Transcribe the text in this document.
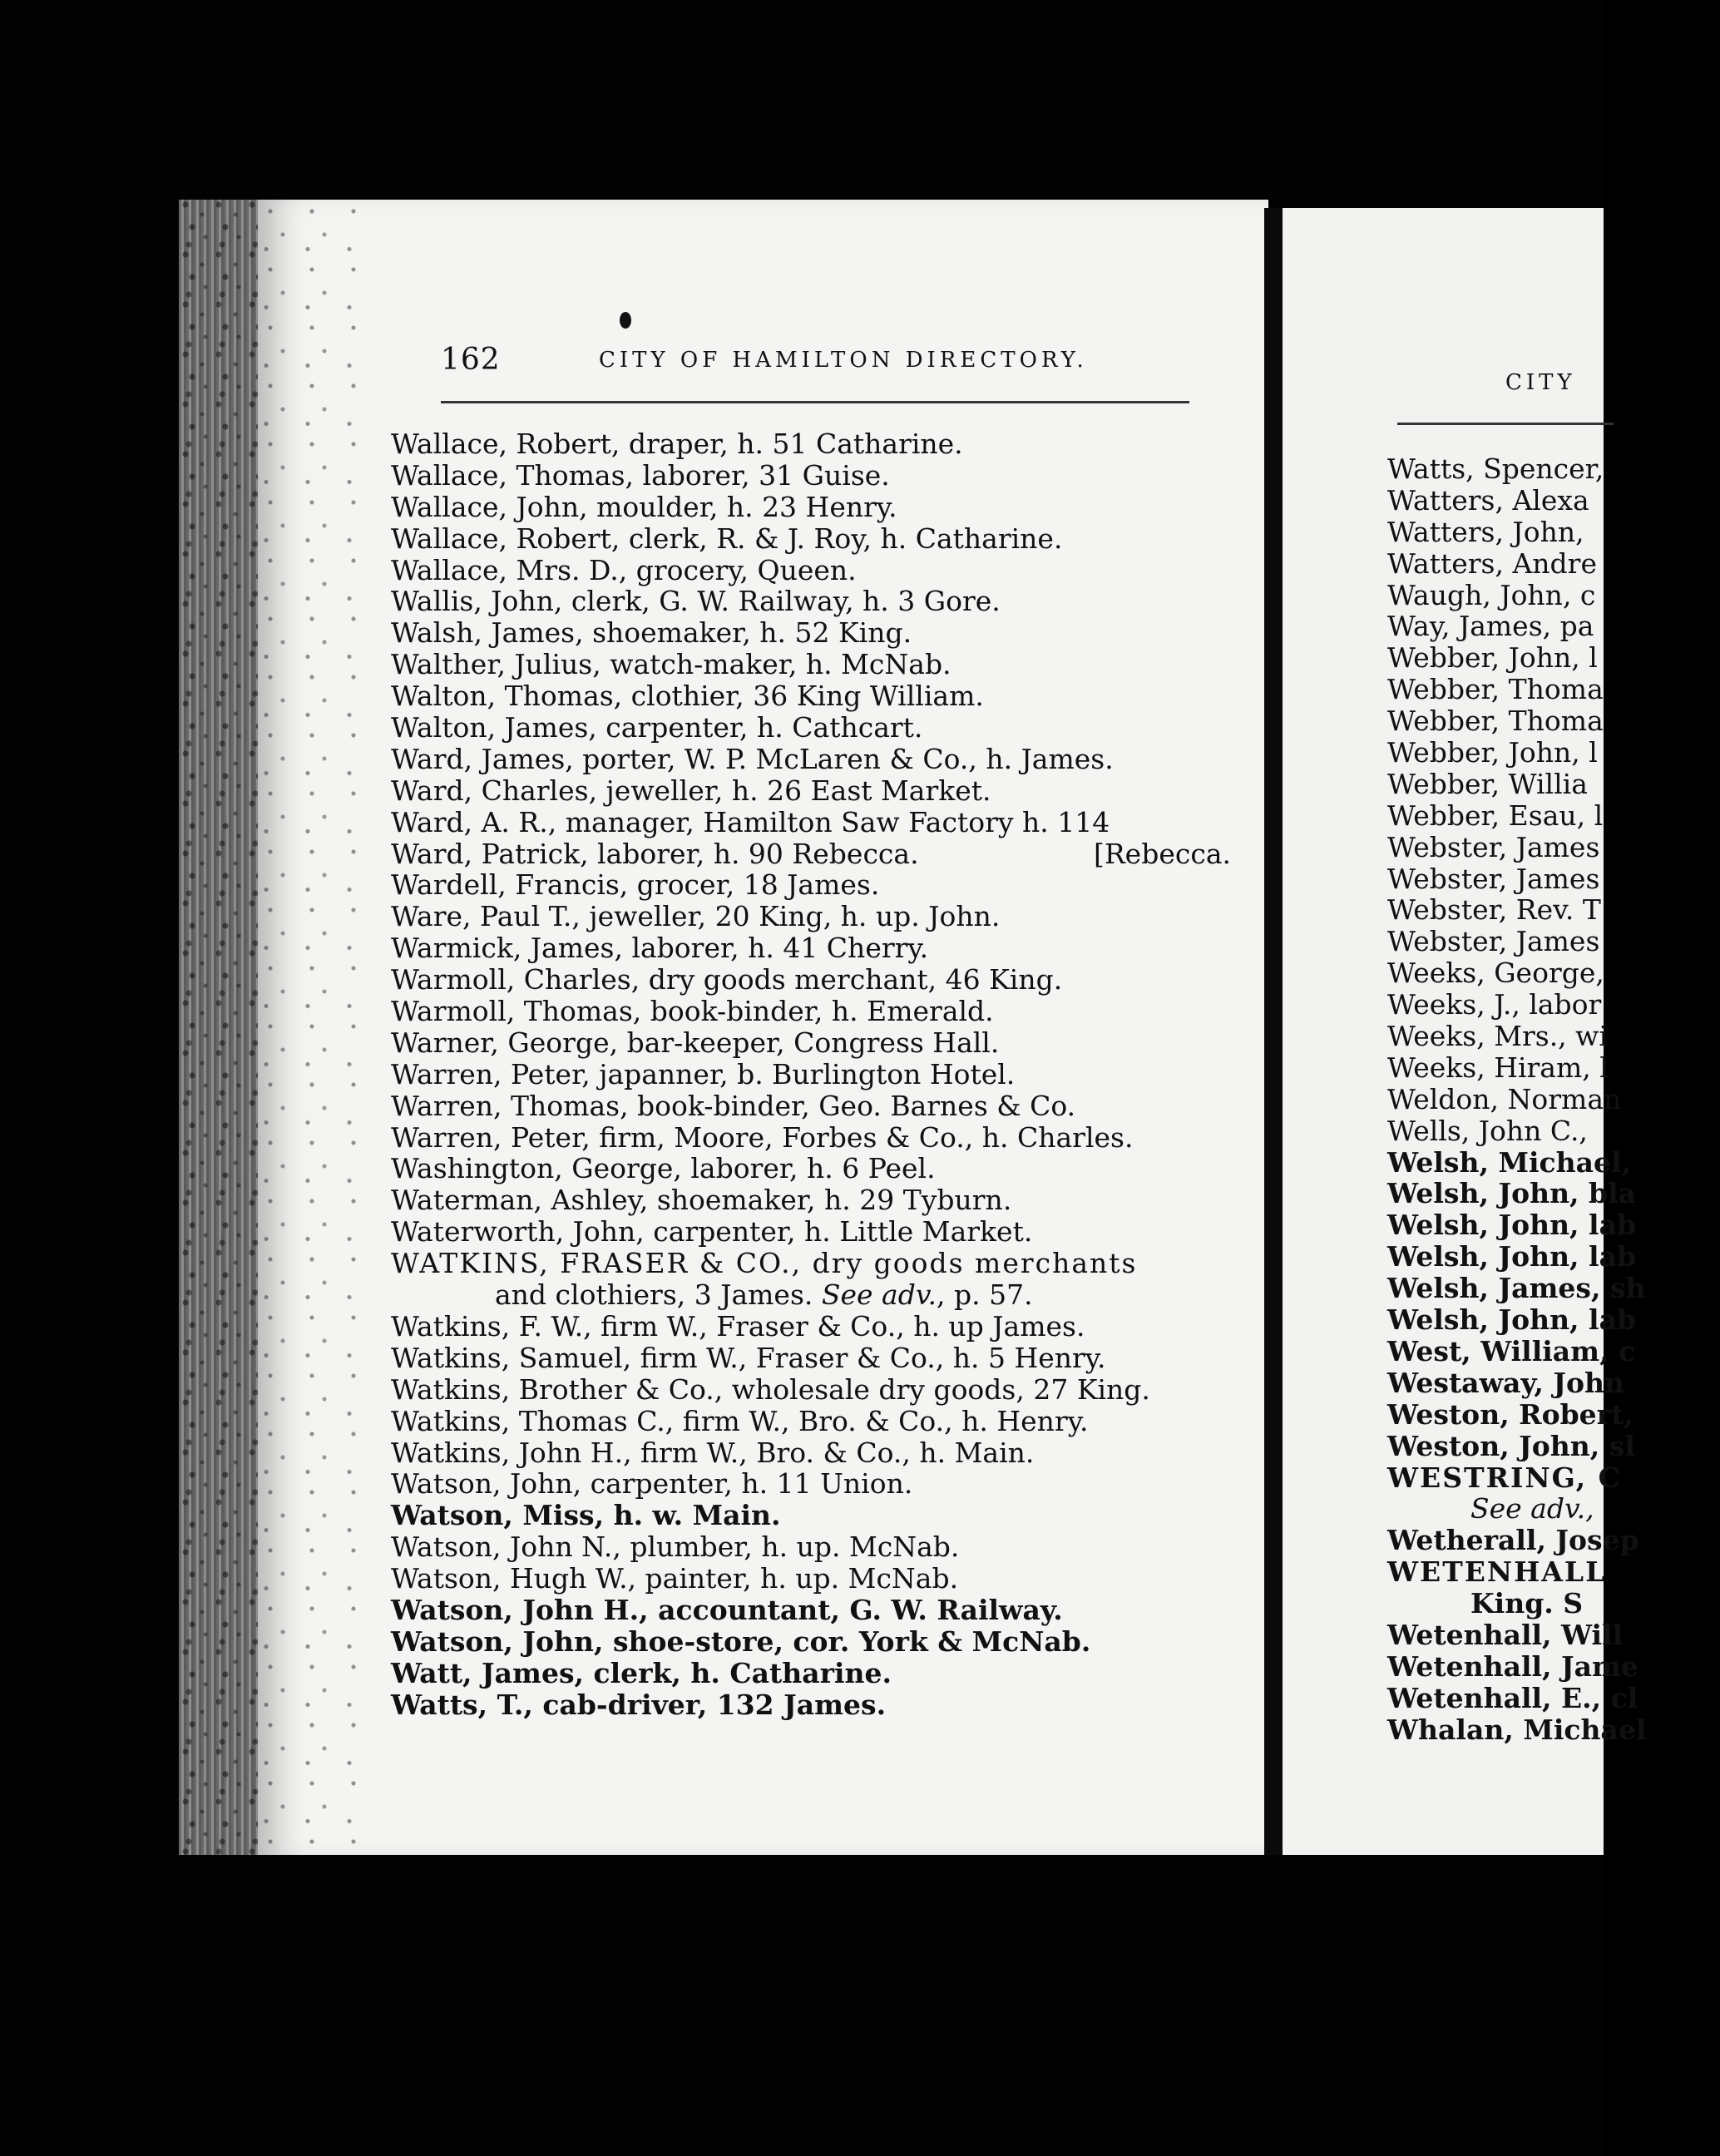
162	CITY OF HAMILTON DIRECTORY.
Wallace, Robert, draper, h. 51 Catharine.
Wallace, Thomas, laborer, 31 Guise.
Wallace, John, moulder, h. 23 Henry.
Wallace, Robert, clerk, R. & J. Roy, h. Catharine.
Wallace, Mrs. D., grocery, Queen.
Wallis, John, clerk, G. W. Railway, h. 3 Gore.
Walsh, James, shoemaker, h. 52 King.
Walther, Julius, watch-maker, h. McNab.
Walton, Thomas, clothier, 36 King William.
Walton, James, carpenter, h. Cathcart.
Ward, James, porter, W. P. McLaren & Co., h. James.
Ward, Charles, jeweller, h. 26 East Market.
Ward, A. R., manager, Hamilton Saw Factory h. 114
Ward, Patrick, laborer, h. 90 Rebecca.	[Rebecca.
Wardell, Francis, grocer, 18 James.
Ware, Paul T., jeweller, 20 King, h. up. John.
Warmick, James, laborer, h. 41 Cherry.
Warmoll, Charles, dry goods merchant, 46 King.
Warmoll, Thomas, book-binder, h. Emerald.
Warner, George, bar-keeper, Congress Hall.
Warren, Peter, japanner, b. Burlington Hotel.
Warren, Thomas, book-binder, Geo. Barnes & Co.
Warren, Peter, firm, Moore, Forbes & Co., h. Charles.
Washington, George, laborer, h. 6 Peel.
Waterman, Ashley, shoemaker, h. 29 Tyburn.
Waterworth, John, carpenter, h. Little Market.
WATKINS, FRASER & CO., dry goods merchants
and clothiers, 3 James. See adv., p. 57.
Watkins, F. W., firm W., Fraser & Co., h. up James.
Watkins, Samuel, firm W., Fraser & Co., h. 5 Henry.
Watkins, Brother & Co., wholesale dry goods, 27 King.
Watkins, Thomas C., firm W., Bro. & Co., h. Henry.
Watkins, John H., firm W., Bro. & Co., h. Main.
Watson, John, carpenter, h. 11 Union.
Watson, Miss, h. w. Main.
Watson, John N., plumber, h. up. McNab.
Watson, Hugh W., painter, h. up. McNab.
Watson, John H., accountant, G. W. Railway.
Watson, John, shoe-store, cor. York & McNab.
Watt, James, clerk, h. Catharine.
Watts, T., cab-driver, 132 James.
CITY
Watts, Spencer,
Watters, Alexa
Watters, John,
Watters, Andre
Waugh, John, c
Way, James, pa
Webber, John, l
Webber, Thoma
Webber, Thoma
Webber, John, l
Webber, Willia
Webber, Esau, l
Webster, James
Webster, James
Webster, Rev. T
Webster, James
Weeks, George,
Weeks, J., labor
Weeks, Mrs., wi
Weeks, Hiram, l
Weldon, Norman
Wells, John C.,
Welsh, Michael,
Welsh, John, bla
Welsh, John, lab
Welsh, John, lab
Welsh, James, sh
Welsh, John, lab
West, William, c
Westaway, John
Weston, Robert,
Weston, John, sl
WESTRING, C
See adv.,
Wetherall, Josep
WETENHALL
King. S
Wetenhall, Will
Wetenhall, Jame
Wetenhall, E., cl
Whalan, Michael
